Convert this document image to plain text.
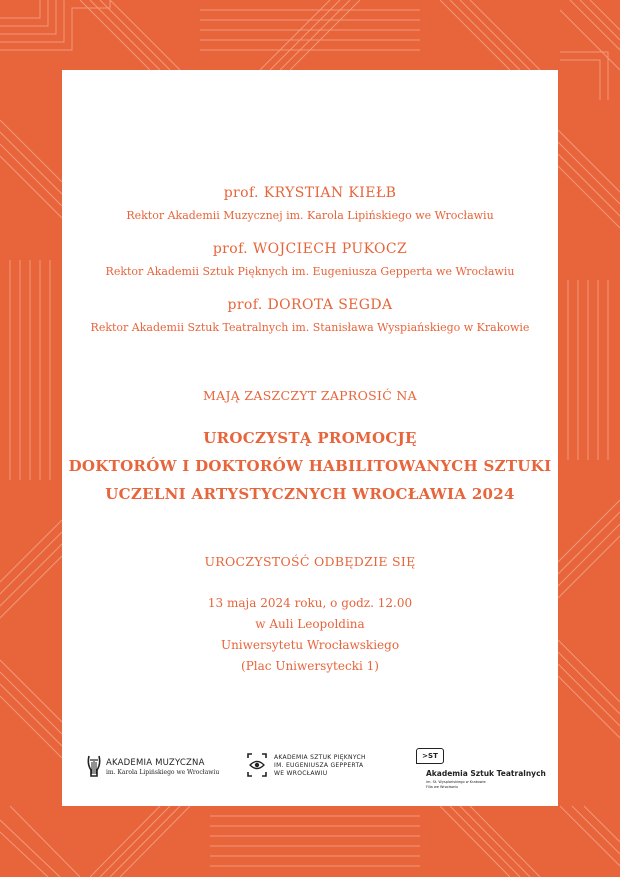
prof. KRYSTIAN KIEŁB
Rektor Akademii Muzycznej im. Karola Lipińskiego we Wrocławiu
prof. WOJCIECH PUKOCZ
Rektor Akademii Sztuk Pięknych im. Eugeniusza Gepperta we Wrocławiu
prof. DOROTA SEGDA
Rektor Akademii Sztuk Teatralnych im. Stanisława Wyspiańskiego w Krakowie
MAJĄ ZASZCZYT ZAPROSIĆ NA
UROCZYSTĄ PROMOCJĘ
DOKTORÓW I DOKTORÓW HABILITOWANYCH SZTUKI
UCZELNI ARTYSTYCZNYCH WROCŁAWIA 2024
UROCZYSTOŚĆ ODBĘDZIE SIĘ
13 maja 2024 roku, o godz. 12.00
w Auli Leopoldina
Uniwersytetu Wrocławskiego
(Plac Uniwersytecki 1)
AKADEMIA MUZYCZNA
im. Karola Lipińskiego we Wrocławiu
AKADEMIA SZTUK PIĘKNYCH
IM. EUGENIUSZA GEPPERTA
WE WROCŁAWIU
>ST
Akademia Sztuk Teatralnych
im. St. Wyspiańskiego w Krakowie
Filia we Wrocławiu
